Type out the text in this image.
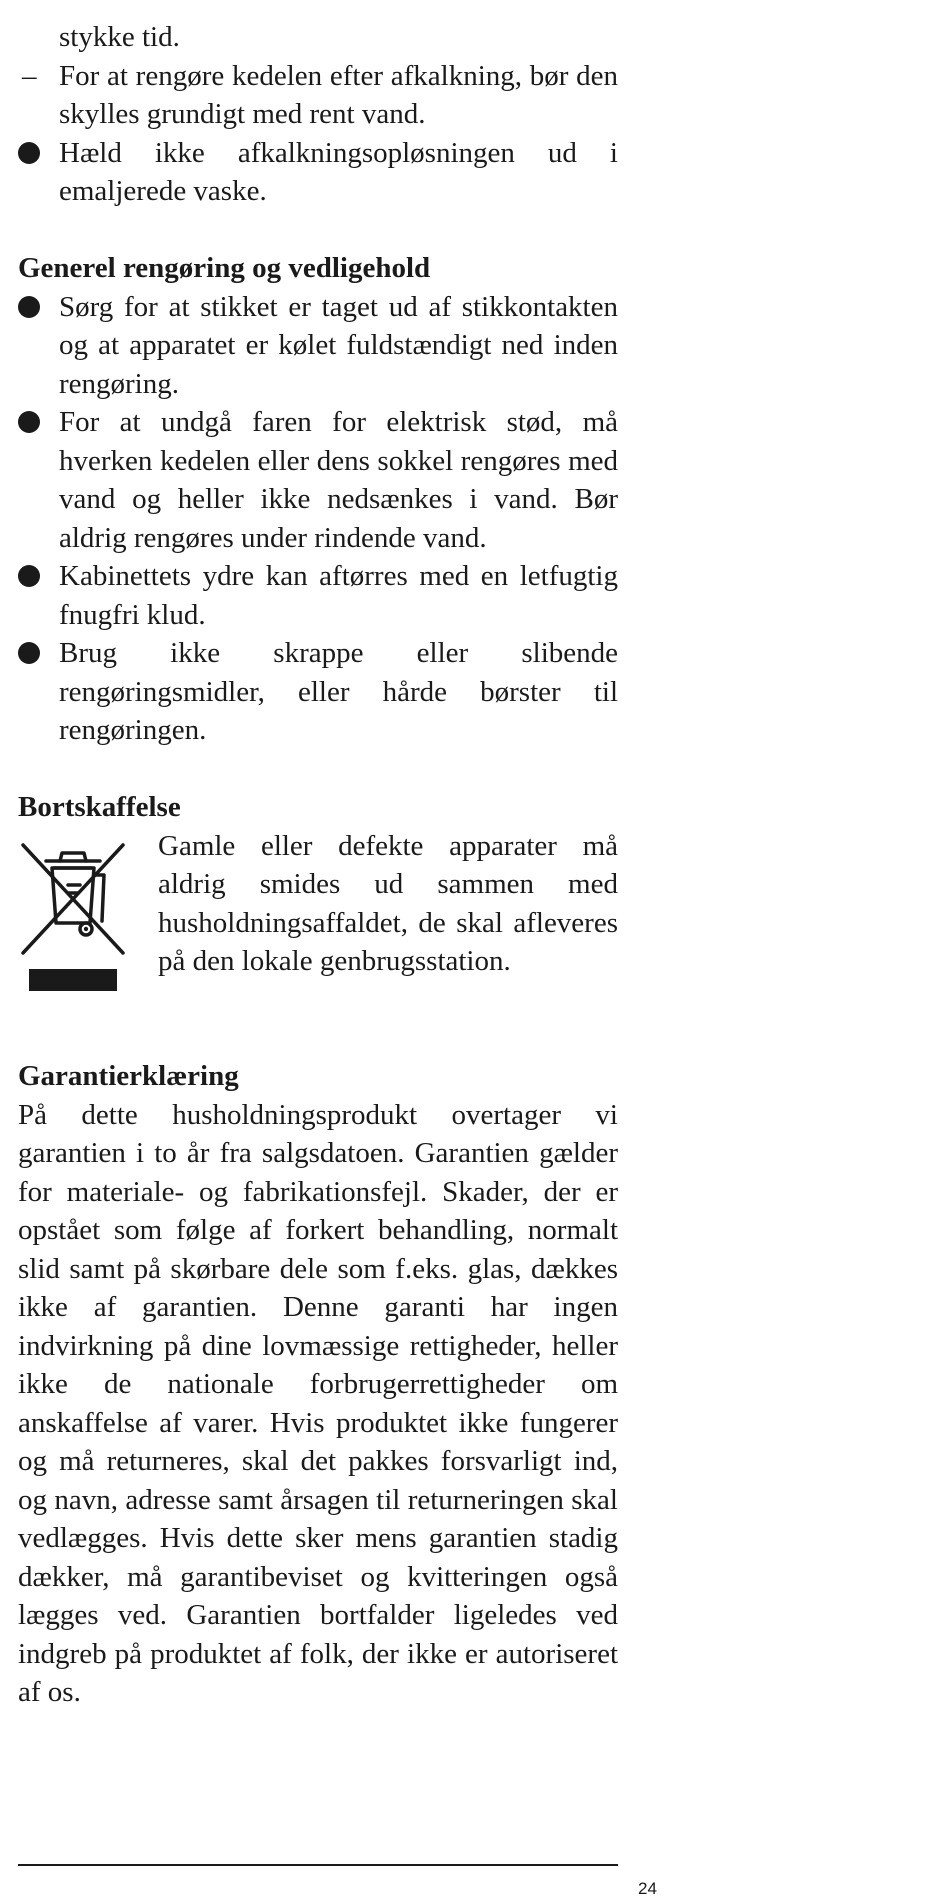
stykke tid.
– For at rengøre kedelen efter afkalkning, bør den skylles grundigt med rent vand.
Hæld ikke afkalkningsopløsningen ud i emaljerede vaske.
Generel rengøring og vedligehold
Sørg for at stikket er taget ud af stikkontakten og at apparatet er kølet fuldstændigt ned inden rengøring.
For at undgå faren for elektrisk stød, må hverken kedelen eller dens sokkel rengøres med vand og heller ikke nedsænkes i vand. Bør aldrig rengøres under rindende vand.
Kabinettets ydre kan aftørres med en letfugtig fnugfri klud.
Brug ikke skrappe eller slibende rengøringsmidler, eller hårde børster til rengøringen.
Bortskaffelse
Gamle eller defekte apparater må aldrig smides ud sammen med husholdningsaffaldet, de skal afleveres på den lokale genbrugsstation.
Garantierklæring
På dette husholdningsprodukt overtager vi garantien i to år fra salgsdatoen. Garantien gælder for materiale- og fabrikationsfejl. Skader, der er opstået som følge af forkert behandling, normalt slid samt på skørbare dele som f.eks. glas, dækkes ikke af garantien. Denne garanti har ingen indvirkning på dine lovmæssige rettigheder, heller ikke de nationale forbrugerrettigheder om anskaffelse af varer. Hvis produktet ikke fungerer og må returneres, skal det pakkes forsvarligt ind, og navn, adresse samt årsagen til returneringen skal vedlægges. Hvis dette sker mens garantien stadig dækker, må garantibeviset og kvitteringen også lægges ved. Garantien bortfalder ligeledes ved indgreb på produktet af folk, der ikke er autoriseret af os.
24
